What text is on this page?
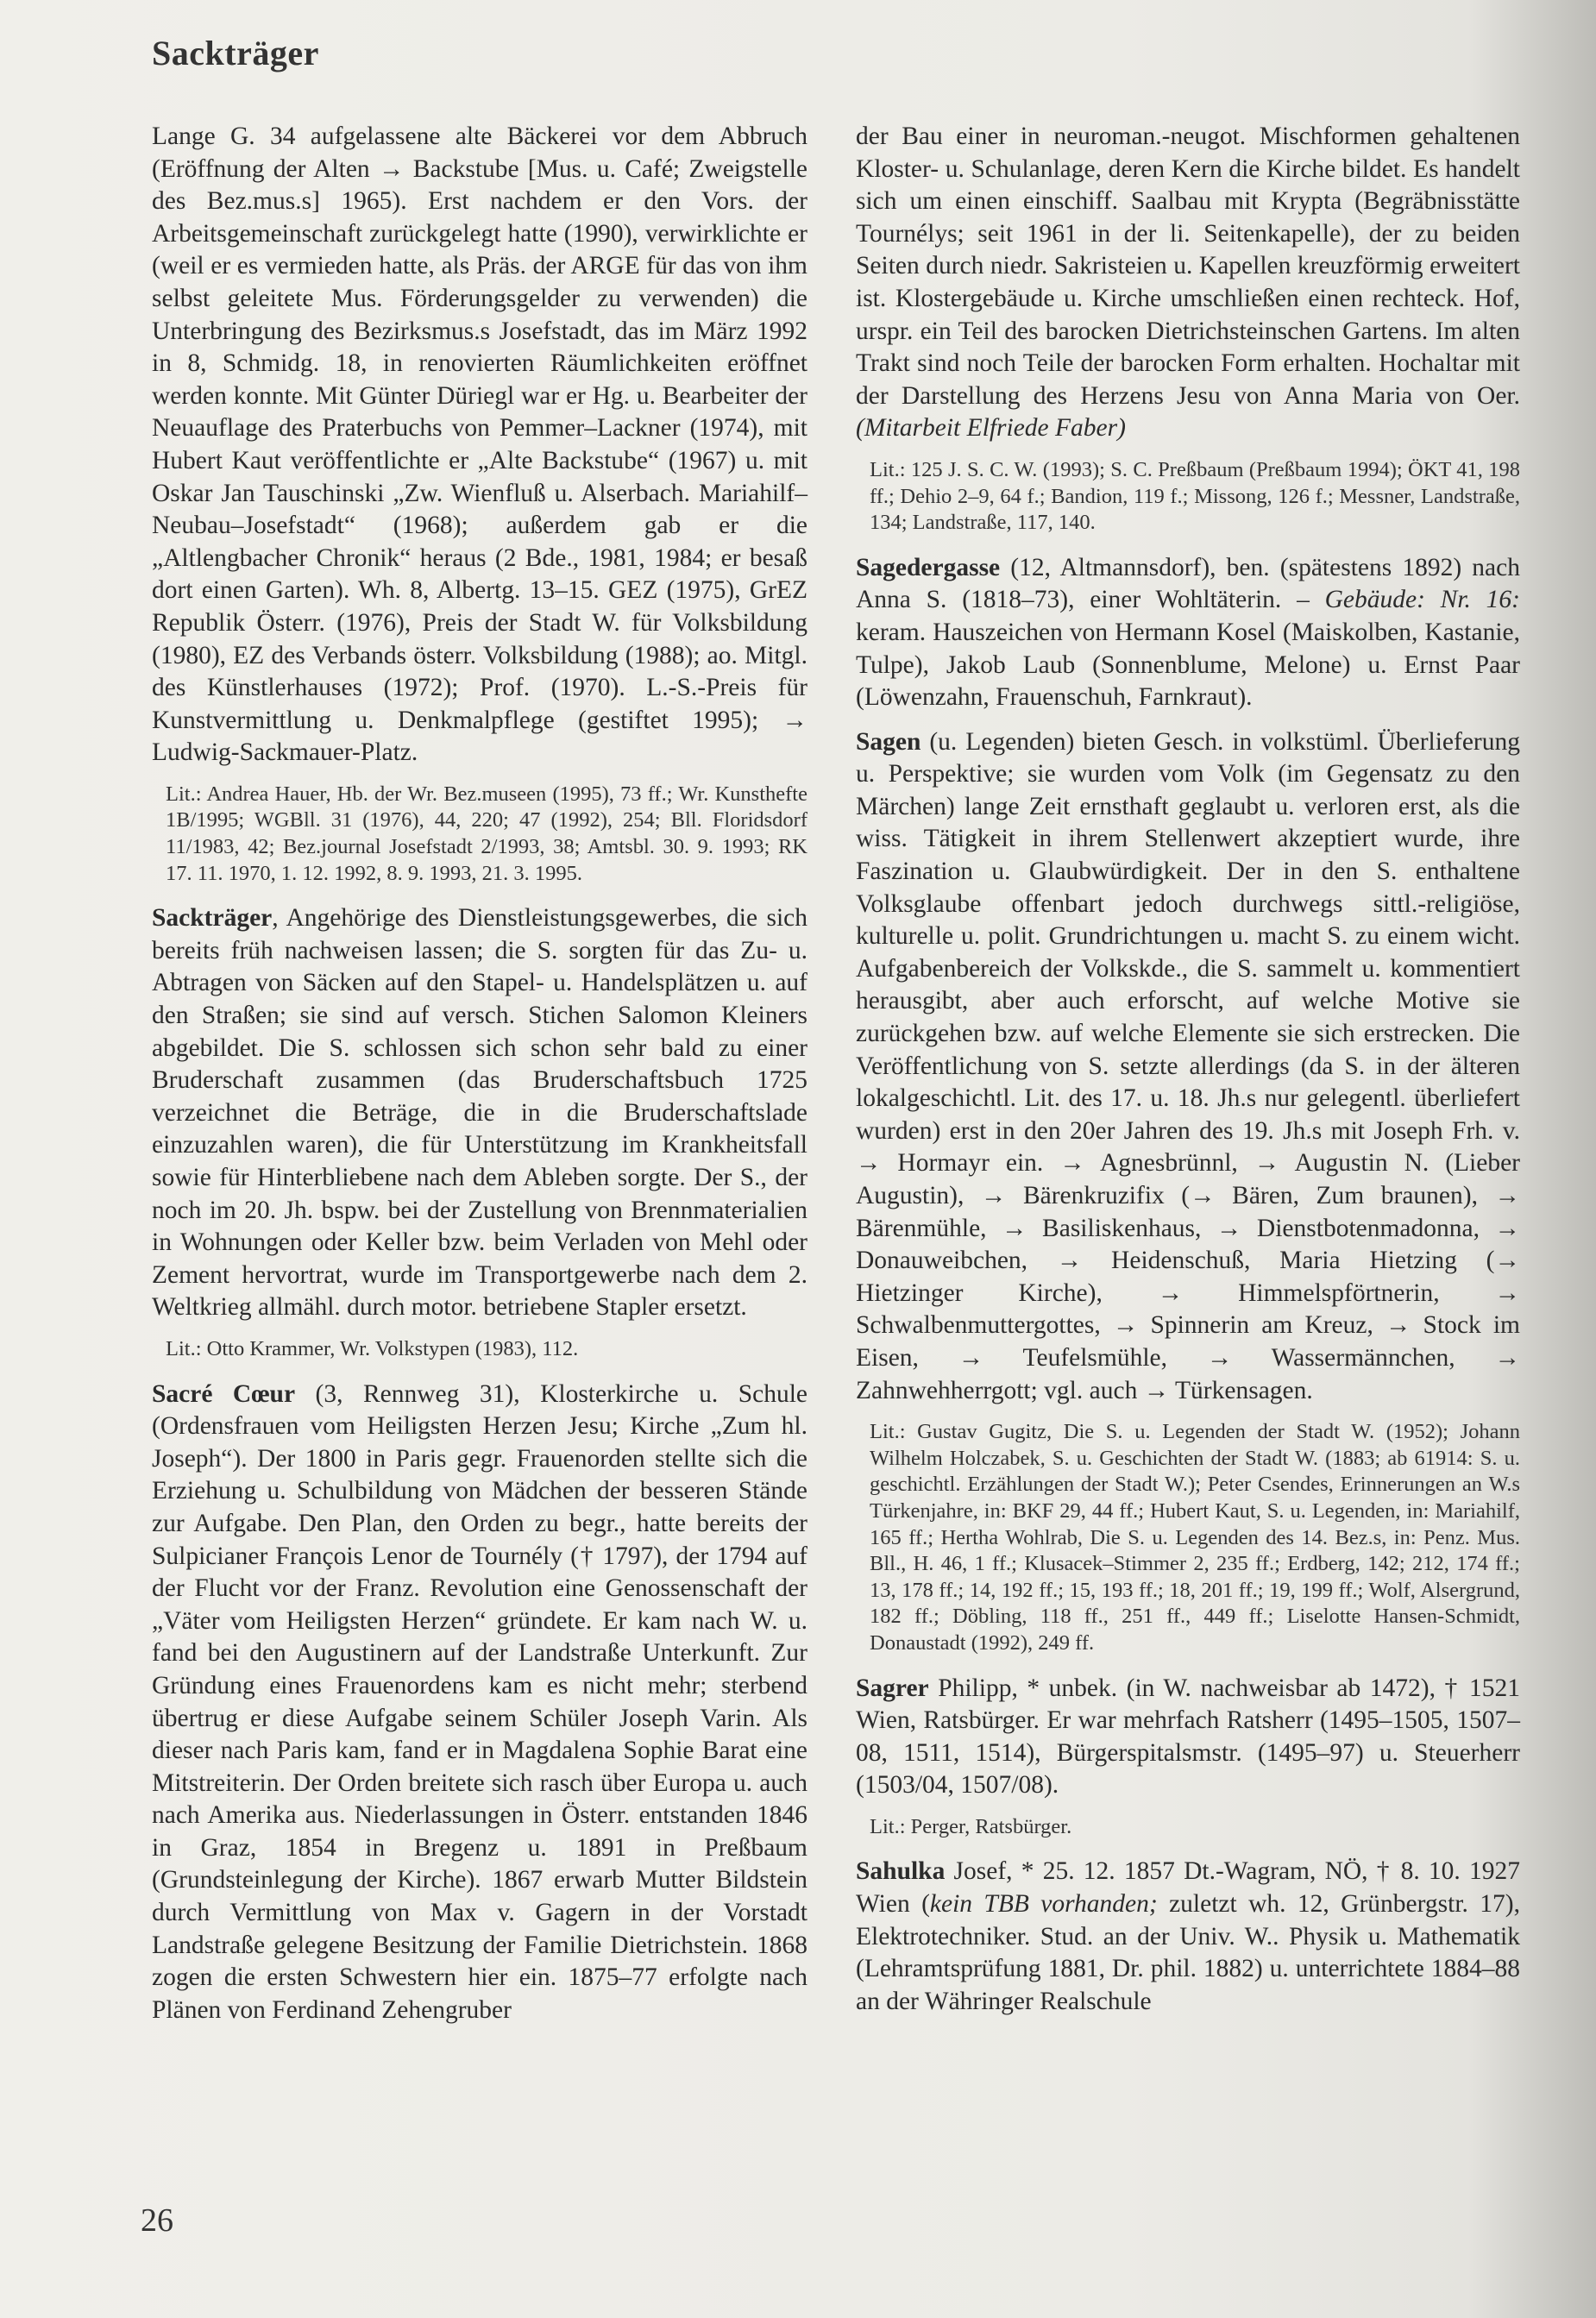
Sackträger

Lange G. 34 aufgelassene alte Bäckerei vor dem Abbruch (Eröffnung der Alten → Backstube [Mus. u. Café; Zweigstelle des Bez.mus.s] 1965). Erst nachdem er den Vors. der Arbeitsgemeinschaft zurückgelegt hatte (1990), verwirklichte er (weil er es vermieden hatte, als Präs. der ARGE für das von ihm selbst geleitete Mus. Förderungsgelder zu verwenden) die Unterbringung des Bezirksmus.s Josefstadt, das im März 1992 in 8, Schmidg. 18, in renovierten Räumlichkeiten eröffnet werden konnte. Mit Günter Düriegl war er Hg. u. Bearbeiter der Neuauflage des Praterbuchs von Pemmer–Lackner (1974), mit Hubert Kaut veröffentlichte er „Alte Backstube“ (1967) u. mit Oskar Jan Tauschinski „Zw. Wienfluß u. Alserbach. Mariahilf–Neubau–Josefstadt“ (1968); außerdem gab er die „Altlengbacher Chronik“ heraus (2 Bde., 1981, 1984; er besaß dort einen Garten). Wh. 8, Albertg. 13–15. GEZ (1975), GrEZ Republik Österr. (1976), Preis der Stadt W. für Volksbildung (1980), EZ des Verbands österr. Volksbildung (1988); ao. Mitgl. des Künstlerhauses (1972); Prof. (1970). L.-S.-Preis für Kunstvermittlung u. Denkmalpflege (gestiftet 1995); → Ludwig-Sackmauer-Platz.

Lit.: Andrea Hauer, Hb. der Wr. Bez.museen (1995), 73 ff.; Wr. Kunsthefte 1B/1995; WGBll. 31 (1976), 44, 220; 47 (1992), 254; Bll. Floridsdorf 11/1983, 42; Bez.journal Josefstadt 2/1993, 38; Amtsbl. 30. 9. 1993; RK 17. 11. 1970, 1. 12. 1992, 8. 9. 1993, 21. 3. 1995.

Sackträger, Angehörige des Dienstleistungsgewerbes, die sich bereits früh nachweisen lassen; die S. sorgten für das Zu- u. Abtragen von Säcken auf den Stapel- u. Handelsplätzen u. auf den Straßen; sie sind auf versch. Stichen Salomon Kleiners abgebildet. Die S. schlossen sich schon sehr bald zu einer Bruderschaft zusammen (das Bruderschaftsbuch 1725 verzeichnet die Beträge, die in die Bruderschaftslade einzuzahlen waren), die für Unterstützung im Krankheitsfall sowie für Hinterbliebene nach dem Ableben sorgte. Der S., der noch im 20. Jh. bspw. bei der Zustellung von Brennmaterialien in Wohnungen oder Keller bzw. beim Verladen von Mehl oder Zement hervortrat, wurde im Transportgewerbe nach dem 2. Weltkrieg allmähl. durch motor. betriebene Stapler ersetzt.

Lit.: Otto Krammer, Wr. Volkstypen (1983), 112.

Sacré Cœur (3, Rennweg 31), Klosterkirche u. Schule (Ordensfrauen vom Heiligsten Herzen Jesu; Kirche „Zum hl. Joseph“). Der 1800 in Paris gegr. Frauenorden stellte sich die Erziehung u. Schulbildung von Mädchen der besseren Stände zur Aufgabe. Den Plan, den Orden zu begr., hatte bereits der Sulpicianer François Lenor de Tournély († 1797), der 1794 auf der Flucht vor der Franz. Revolution eine Genossenschaft der „Väter vom Heiligsten Herzen“ gründete. Er kam nach W. u. fand bei den Augustinern auf der Landstraße Unterkunft. Zur Gründung eines Frauenordens kam es nicht mehr; sterbend übertrug er diese Aufgabe seinem Schüler Joseph Varin. Als dieser nach Paris kam, fand er in Magdalena Sophie Barat eine Mitstreiterin. Der Orden breitete sich rasch über Europa u. auch nach Amerika aus. Niederlassungen in Österr. entstanden 1846 in Graz, 1854 in Bregenz u. 1891 in Preßbaum (Grundsteinlegung der Kirche). 1867 erwarb Mutter Bildstein durch Vermittlung von Max v. Gagern in der Vorstadt Landstraße gelegene Besitzung der Familie Dietrichstein. 1868 zogen die ersten Schwestern hier ein. 1875–77 erfolgte nach Plänen von Ferdinand Zehengruber

der Bau einer in neuroman.-neugot. Mischformen gehaltenen Kloster- u. Schulanlage, deren Kern die Kirche bildet. Es handelt sich um einen einschiff. Saalbau mit Krypta (Begräbnisstätte Tournélys; seit 1961 in der li. Seitenkapelle), der zu beiden Seiten durch niedr. Sakristeien u. Kapellen kreuzförmig erweitert ist. Klostergebäude u. Kirche umschließen einen rechteck. Hof, urspr. ein Teil des barocken Dietrichsteinschen Gartens. Im alten Trakt sind noch Teile der barocken Form erhalten. Hochaltar mit der Darstellung des Herzens Jesu von Anna Maria von Oer. (Mitarbeit Elfriede Faber)

Lit.: 125 J. S. C. W. (1993); S. C. Preßbaum (Preßbaum 1994); ÖKT 41, 198 ff.; Dehio 2–9, 64 f.; Bandion, 119 f.; Missong, 126 f.; Messner, Landstraße, 134; Landstraße, 117, 140.

Sagedergasse (12, Altmannsdorf), ben. (spätestens 1892) nach Anna S. (1818–73), einer Wohltäterin. – Gebäude: Nr. 16: keram. Hauszeichen von Hermann Kosel (Maiskolben, Kastanie, Tulpe), Jakob Laub (Sonnenblume, Melone) u. Ernst Paar (Löwenzahn, Frauenschuh, Farnkraut).

Sagen (u. Legenden) bieten Gesch. in volkstüml. Überlieferung u. Perspektive; sie wurden vom Volk (im Gegensatz zu den Märchen) lange Zeit ernsthaft geglaubt u. verloren erst, als die wiss. Tätigkeit in ihrem Stellenwert akzeptiert wurde, ihre Faszination u. Glaubwürdigkeit. Der in den S. enthaltene Volksglaube offenbart jedoch durchwegs sittl.-religiöse, kulturelle u. polit. Grundrichtungen u. macht S. zu einem wicht. Aufgabenbereich der Volkskde., die S. sammelt u. kommentiert herausgibt, aber auch erforscht, auf welche Motive sie zurückgehen bzw. auf welche Elemente sie sich erstrecken. Die Veröffentlichung von S. setzte allerdings (da S. in der älteren lokalgeschichtl. Lit. des 17. u. 18. Jh.s nur gelegentl. überliefert wurden) erst in den 20er Jahren des 19. Jh.s mit Joseph Frh. v. → Hormayr ein. → Agnesbrünnl, → Augustin N. (Lieber Augustin), → Bärenkruzifix (→ Bären, Zum braunen), → Bärenmühle, → Basiliskenhaus, → Dienstbotenmadonna, → Donauweibchen, → Heidenschuß, Maria Hietzing (→ Hietzinger Kirche), → Himmelspförtnerin, → Schwalbenmuttergottes, → Spinnerin am Kreuz, → Stock im Eisen, → Teufelsmühle, → Wassermännchen, → Zahnwehherrgott; vgl. auch → Türkensagen.

Lit.: Gustav Gugitz, Die S. u. Legenden der Stadt W. (1952); Johann Wilhelm Holczabek, S. u. Geschichten der Stadt W. (1883; ab 61914: S. u. geschichtl. Erzählungen der Stadt W.); Peter Csendes, Erinnerungen an W.s Türkenjahre, in: BKF 29, 44 ff.; Hubert Kaut, S. u. Legenden, in: Mariahilf, 165 ff.; Hertha Wohlrab, Die S. u. Legenden des 14. Bez.s, in: Penz. Mus. Bll., H. 46, 1 ff.; Klusacek–Stimmer 2, 235 ff.; Erdberg, 142; 212, 174 ff.; 13, 178 ff.; 14, 192 ff.; 15, 193 ff.; 18, 201 ff.; 19, 199 ff.; Wolf, Alsergrund, 182 ff.; Döbling, 118 ff., 251 ff., 449 ff.; Liselotte Hansen-Schmidt, Donaustadt (1992), 249 ff.

Sagrer Philipp, * unbek. (in W. nachweisbar ab 1472), † 1521 Wien, Ratsbürger. Er war mehrfach Ratsherr (1495–1505, 1507–08, 1511, 1514), Bürgerspitalsmstr. (1495–97) u. Steuerherr (1503/04, 1507/08).

Lit.: Perger, Ratsbürger.

Sahulka Josef, * 25. 12. 1857 Dt.-Wagram, NÖ, † 8. 10. 1927 Wien (kein TBB vorhanden; zuletzt wh. 12, Grünbergstr. 17), Elektrotechniker. Stud. an der Univ. W.. Physik u. Mathematik (Lehramtsprüfung 1881, Dr. phil. 1882) u. unterrichtete 1884–88 an der Währinger Realschule

26
